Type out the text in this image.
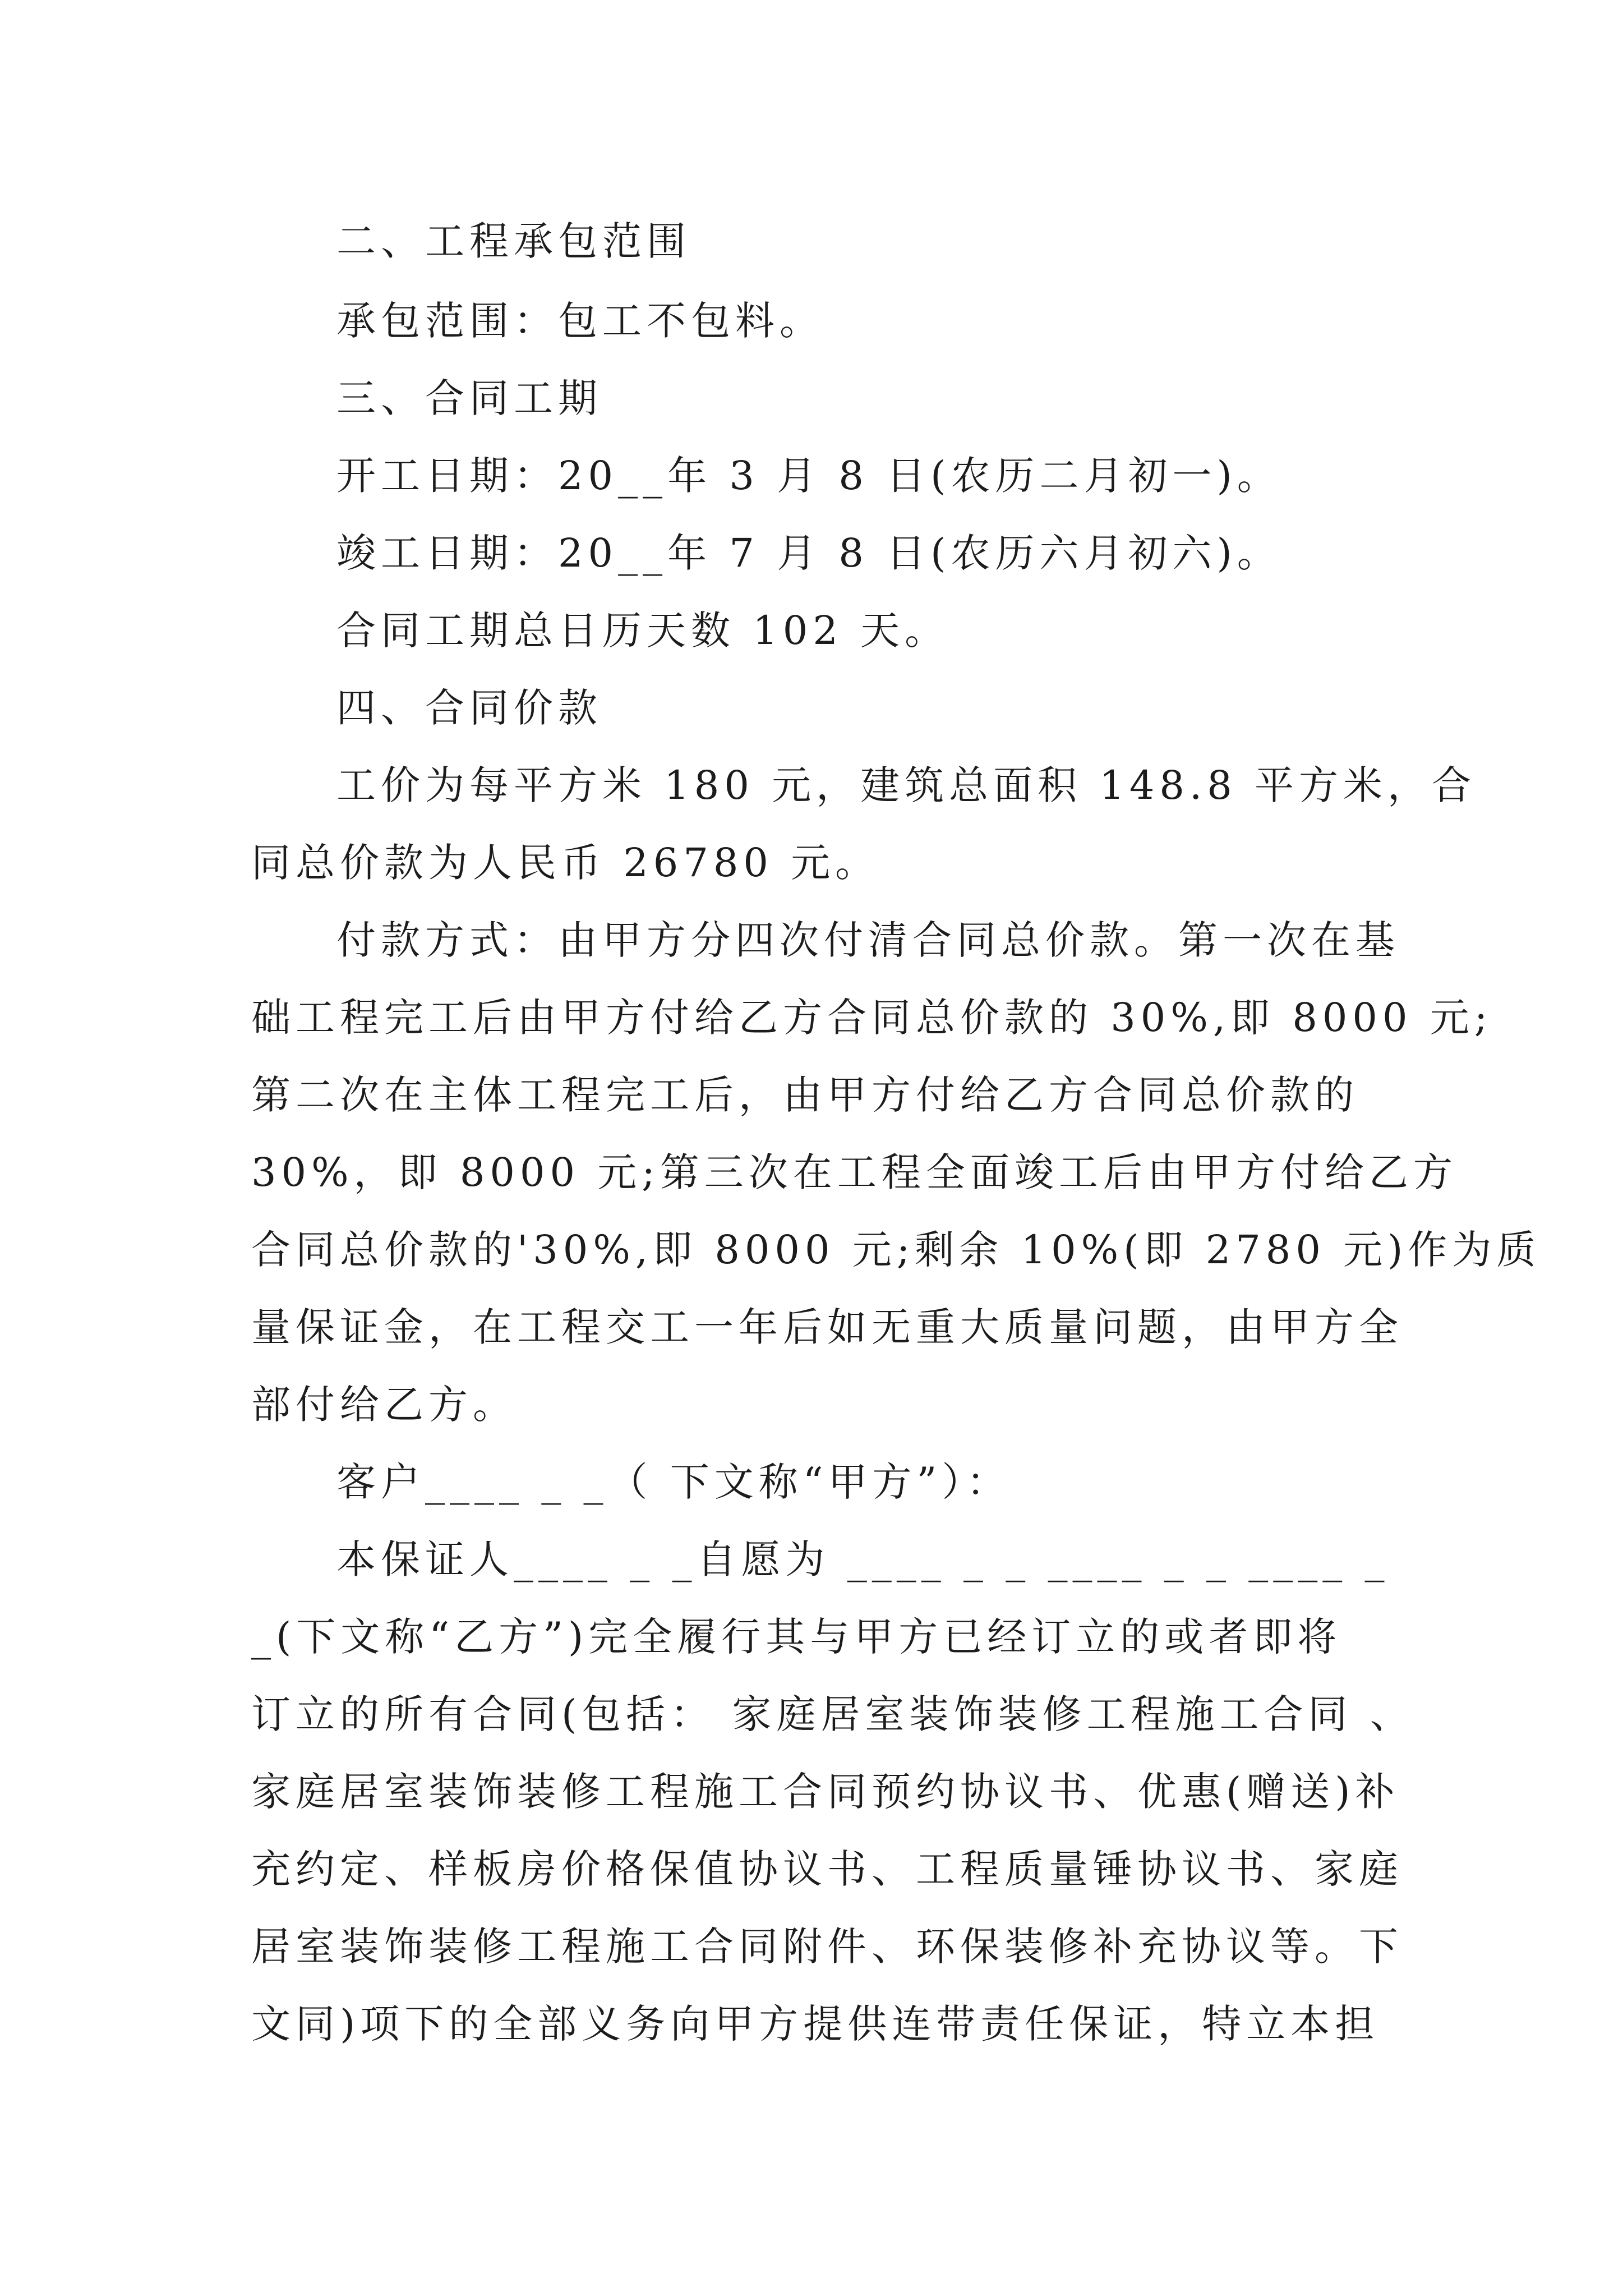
二、工程承包范围
承包范围：包工不包料。
三、合同工期
开工日期：20__年 3 月 8 日(农历二月初一)。
竣工日期：20__年 7 月 8 日(农历六月初六)。
合同工期总日历天数 102 天。
四、合同价款
工价为每平方米 180 元，建筑总面积 148.8 平方米，合
同总价款为人民币 26780 元。
付款方式：由甲方分四次付清合同总价款。第一次在基
础工程完工后由甲方付给乙方合同总价款的 30%,即 8000 元;
第二次在主体工程完工后，由甲方付给乙方合同总价款的
30%，即 8000 元;第三次在工程全面竣工后由甲方付给乙方
合同总价款的'30%,即 8000 元;剩余 10%(即 2780 元)作为质
量保证金，在工程交工一年后如无重大质量问题，由甲方全
部付给乙方。
客户____ _ _（ 下文称“甲方”）：
本保证人____ _ _自愿为 ____ _ _ ____ _ _ ____ _
_(下文称“乙方”)完全履行其与甲方已经订立的或者即将
订立的所有合同(包括： 家庭居室装饰装修工程施工合同 、
家庭居室装饰装修工程施工合同预约协议书、优惠(赠送)补
充约定、样板房价格保值协议书、工程质量锤协议书、家庭
居室装饰装修工程施工合同附件、环保装修补充协议等。下
文同)项下的全部义务向甲方提供连带责任保证，特立本担
